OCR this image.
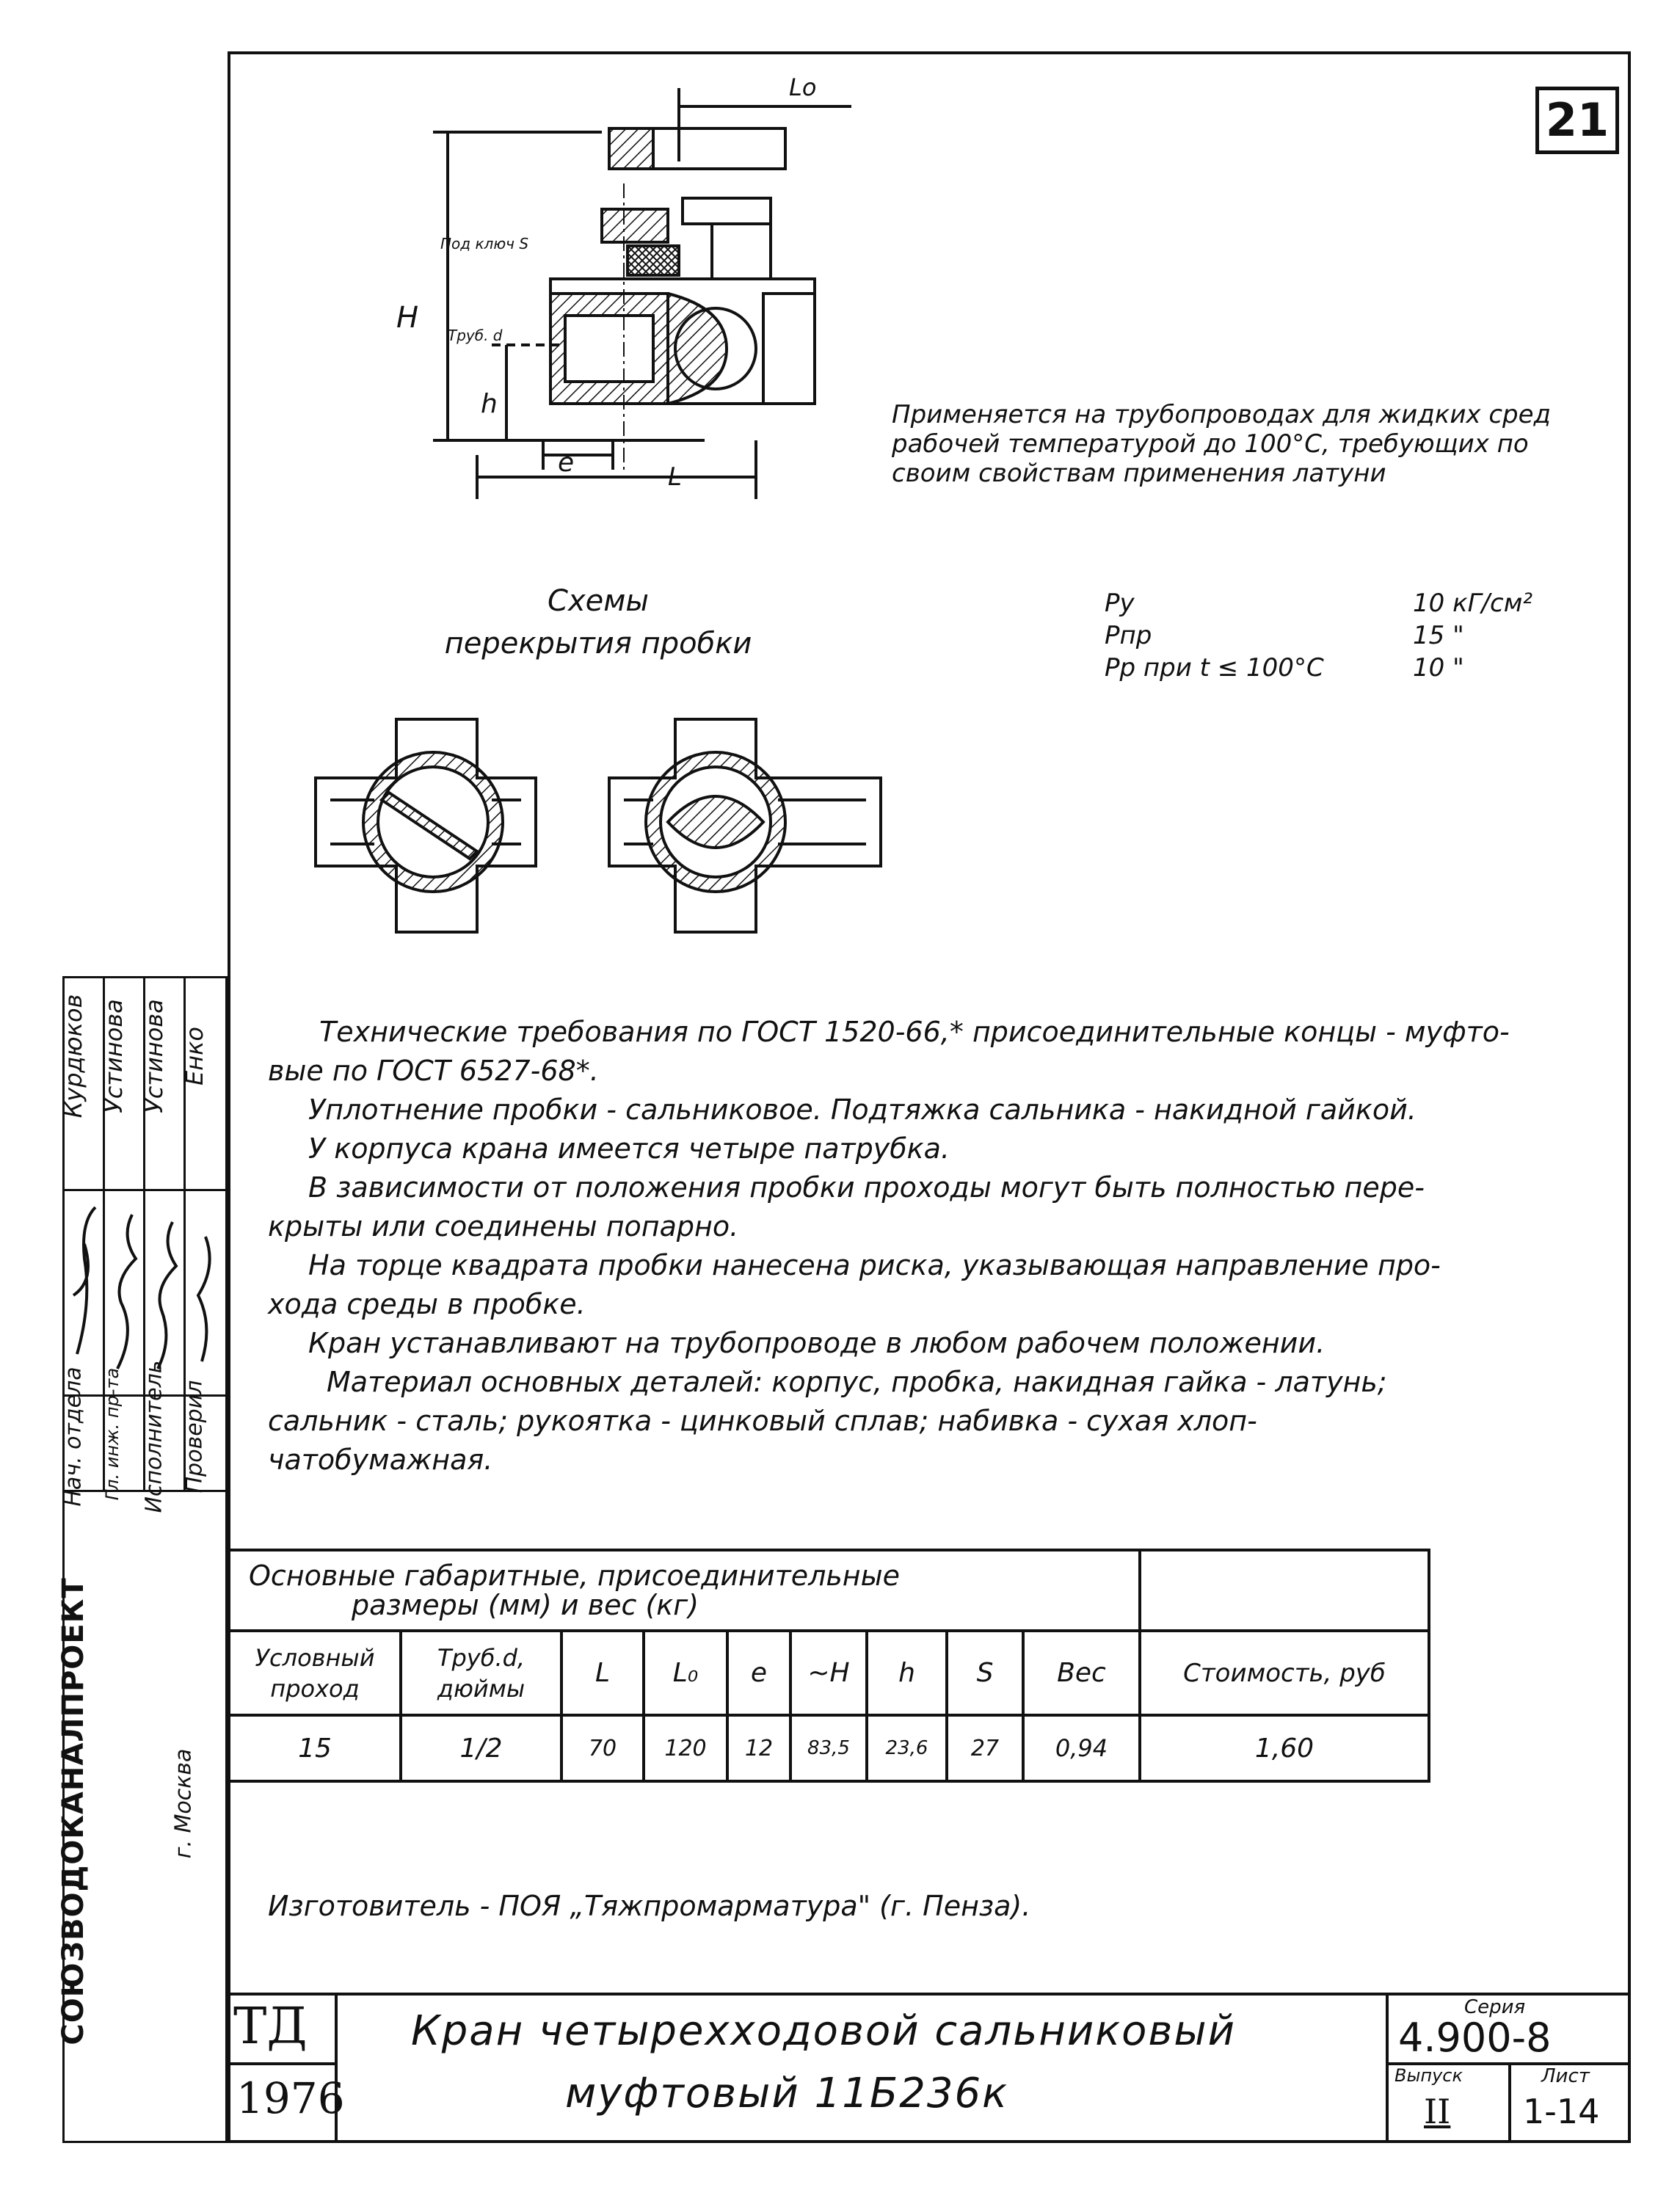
21
Lo
H
h
e	L
Под ключ S
Труб. d
Применяется на трубопроводах для жидких сред
рабочей температурой до 100°С, требующих по
своим свойствам применения латуни
Схемы
перекрытия пробки
Py	10 кГ/см²
Pпр	15 "
Pр при t ≤ 100°С	10 "
Технические требования по ГОСТ 1520-66,* присоединительные концы - муфто-
вые по ГОСТ 6527-68*.
Уплотнение пробки - сальниковое. Подтяжка сальника - накидной гайкой.
У корпуса крана имеется четыре патрубка.
В зависимости от положения пробки проходы могут быть полностью пере-
крыты или соединены попарно.
На торце квадрата пробки нанесена риска, указывающая направление про-
хода среды в пробке.
Кран устанавливают на трубопроводе в любом рабочем положении.
Материал основных деталей: корпус, пробка, накидная гайка - латунь;
сальник - сталь; рукоятка - цинковый сплав; набивка - сухая хлоп-
чатобумажная.
Основные габаритные, присоединительные
размеры (мм) и вес (кг)									

Условный проход	Труб.d, дюймы	L	L₀	e	~H	h	S	Вес	Стоимость, руб
15	1/2	70	120	12	83,5	23,6	27	0,94	1,60
Изготовитель - ПОЯ „Тяжпромарматура" (г. Пенза).
ТД
1976
Кран четырехходовой сальниковый
муфтовый 11Б236к
Серия
4.900-8
Выпуск
II
Лист
1-14
Нач. отдела Гл. инж. пр-та Исполнитель Проверил
Курдюков Устинова Устинова Енко
СОЮЗВОДОКАНАЛПРОЕКТ	г. Москва
